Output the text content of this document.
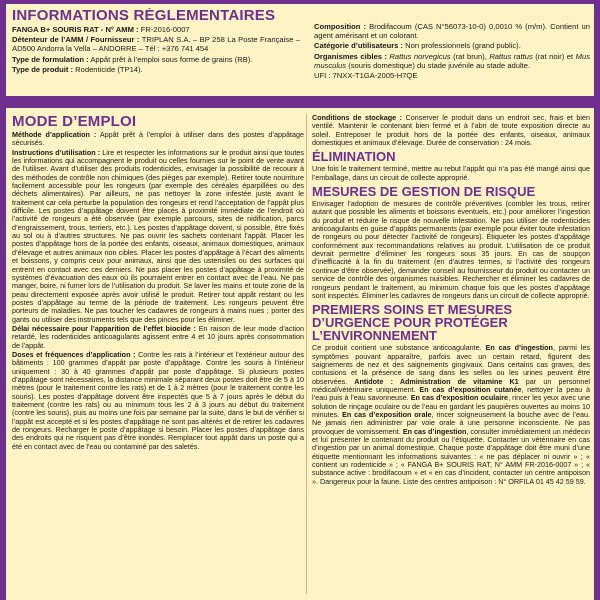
INFORMATIONS RÉGLEMENTAIRES

FANGA B+ SOURIS RAT - N° AMM : FR-2016-0007

Détenteur de l’AMM / Fournisseur : TRIPLAN S.A. – BP 258 La Poste Française – AD500 Andorra la Vella – ANDORRE – Tél : +376 741 454

Type de formulation : Appât prêt à l’emploi sous forme de grains (RB).

Type de produit : Rodenticide (TP14).

Composition : Brodifacoum (CAS N°56073-10-0) 0,0010 % (m/m). Contient un agent amérisant et un colorant.

Catégorie d’utilisateurs : Non professionnels (grand public).

Organismes cibles : Rattus norvegicus (rat brun), Rattus rattus (rat noir) et Mus musculus (souris domestique) du stade juvénile au stade adulte.

UFI : 7NXX-T1GA-2005-H7QE

MODE D’EMPLOI

Méthode d’application : Appât prêt à l’emploi à utiliser dans des postes d’appâtage sécurisés.

Instructions d’utilisation : Lire et respecter les informations sur le produit ainsi que toutes les informations qui accompagnent le produit ou celles fournies sur le point de vente avant de l’utiliser. Avant d’utiliser des produits rodenticides, envisager la possibilité de recourir à des méthodes de contrôle non chimiques (des pièges par exemple). Retirer toute nourriture facilement accessible pour les rongeurs (par exemple des céréales éparpillées ou des déchets alimentaires). Par ailleurs, ne pas nettoyer la zone infestée juste avant le traitement car cela perturbe la population des rongeurs et rend l’acceptation de l’appât plus difficile. Les postes d’appâtage doivent être placés à proximité immédiate de l’endroit où l’activité de rongeurs a été observée (par exemple parcours, sites de nidification, parcs d’engraissement, trous, terriers, etc.). Les postes d’appâtage doivent, si possible, être fixés au sol ou à d’autres structures. Ne pas ouvrir les sachets contenant l’appât. Placer les postes d’appâtage hors de la portée des enfants, oiseaux, animaux domestiques, animaux d’élevage et autres animaux non cibles. Placer les postes d’appâtage à l’écart des aliments et boissons, y compris ceux pour animaux, ainsi que des ustensiles ou des surfaces qui entrent en contact avec ces derniers. Ne pas placer les postes d’appâtage à proximité de systèmes d’évacuation des eaux où ils pourraient entrer en contact avec de l’eau. Ne pas manger, boire, ni fumer lors de l’utilisation du produit. Se laver les mains et toute zone de la peau directement exposée après avoir utilisé le produit. Retirer tout appât restant ou les postes d’appâtage au terme de la période de traitement. Les rongeurs peuvent être porteurs de maladies. Ne pas toucher les cadavres de rongeurs à mains nues ; porter des gants ou utiliser des instruments tels que des pinces pour les éliminer.

Délai nécessaire pour l’apparition de l’effet biocide : En raison de leur mode d’action retardé, les rodenticides anticoagulants agissent entre 4 et 10 jours après consommation de l’appât.

Doses et fréquences d’application : Contre les rats à l’intérieur et l’extérieur autour des bâtiments : 100 grammes d’appât par poste d’appâtage. Contre les souris à l’intérieur uniquement : 30 à 40 grammes d’appât par poste d’appâtage. Si plusieurs postes d’appâtage sont nécessaires, la distance minimale séparant deux postes doit être de 5 à 10 mètres (pour le traitement contre les rats) et de 1 à 2 mètres (pour le traitement contre les souris). Les postes d’appâtage doivent être inspectés que 5 à 7 jours après le début du traitement (contre les rats) ou au minimum tous les 2 à 3 jours au début du traitement (contre les souris), puis au moins une fois par semaine par la suite, dans le but de vérifier si l’appât est accepté et si les postes d’appâtage ne sont pas altérés et de retirer les cadavres de rongeurs. Recharger le poste d’appâtage si besoin. Placer les postes d’appâtage dans des endroits qui ne risquent pas d’être inondés. Remplacer tout appât dans un poste qui a été en contact avec de l’eau ou contaminé par des saletés.

Conditions de stockage : Conserver le produit dans un endroit sec, frais et bien ventilé. Maintenir le contenant bien fermé et à l’abri de toute exposition directe au soleil. Entreposer le produit hors de la portée des enfants, oiseaux, animaux domestiques et animaux d’élevage. Durée de conservation : 24 mois.

ÉLIMINATION

Une fois le traitement terminé, mettre au rebut l’appât qui n’a pas été mangé ainsi que l’emballage, dans un circuit de collecte approprié.

MESURES DE GESTION DE RISQUE

Envisager l’adoption de mesures de contrôle préventives (combler les trous, retirer autant que possible les aliments et boissons éventuels, etc.) pour améliorer l’ingestion du produit et réduire le risque de nouvelle infestation. Ne pas utiliser de rodenticides anticoagulants en guise d’appâts permanents (par exemple pour éviter toute infestation de rongeurs ou pour détecter l’activité de rongeurs). Étiqueter les postes d’appâtage conformément aux recommandations relatives au produit. L’utilisation de ce produit devrait permettre d’éliminer les rongeurs sous 35 jours. En cas de soupçon d’inefficacité à la fin du traitement (en d’autres termes, si l’activité des rongeurs continue d’être observée), demander conseil au fournisseur du produit ou contacter un service de contrôle des organismes nuisibles. Rechercher et éliminer les cadavres de rongeurs pendant le traitement, au minimum chaque fois que les postes d’appâtage sont inspectés. Éliminer les cadavres de rongeurs dans un circuit de collecte approprié.

PREMIERS SOINS ET MESURES D’URGENCE POUR PROTÉGER L’ENVIRONNEMENT

Ce produit contient une substance anticoagulante. En cas d’ingestion, parmi les symptômes pouvant apparaître, parfois avec un certain retard, figurent des saignements de nez et des saignements gingivaux. Dans certains cas graves, des contusions et la présence de sang dans les selles ou les urines peuvent être observées. Antidote : Administration de vitamine K1 par un personnel médical/vétérinaire uniquement. En cas d’exposition cutanée, nettoyer la peau à l’eau puis à l’eau savonneuse. En cas d’exposition oculaire, rincer les yeux avec une solution de rinçage oculaire ou de l’eau en gardant les paupières ouvertes au moins 10 minutes. En cas d’exposition orale, rincer soigneusement la bouche avec de l’eau. Ne jamais rien administrer par voie orale à une personne inconsciente. Ne pas provoquer de vomissement. En cas d’ingestion, consulter immédiatement un médecin et lui présenter le contenant du produit ou l’étiquette. Contacter un vétérinaire en cas d’ingestion par un animal domestique. Chaque poste d’appâtage doit être muni d’une étiquette mentionnant les informations suivantes : « ne pas déplacer ni ouvrir » ; « contient un rodenticide » ; « FANGA B+ SOURIS RAT, N° AMM FR-2016-0007 » ; « substance active : brodifacoum » et « en cas d’incident, contacter un centre antipoison ». Dangereux pour la faune. Liste des centres antipoison : N° ORFILA 01 45 42 59 59.
